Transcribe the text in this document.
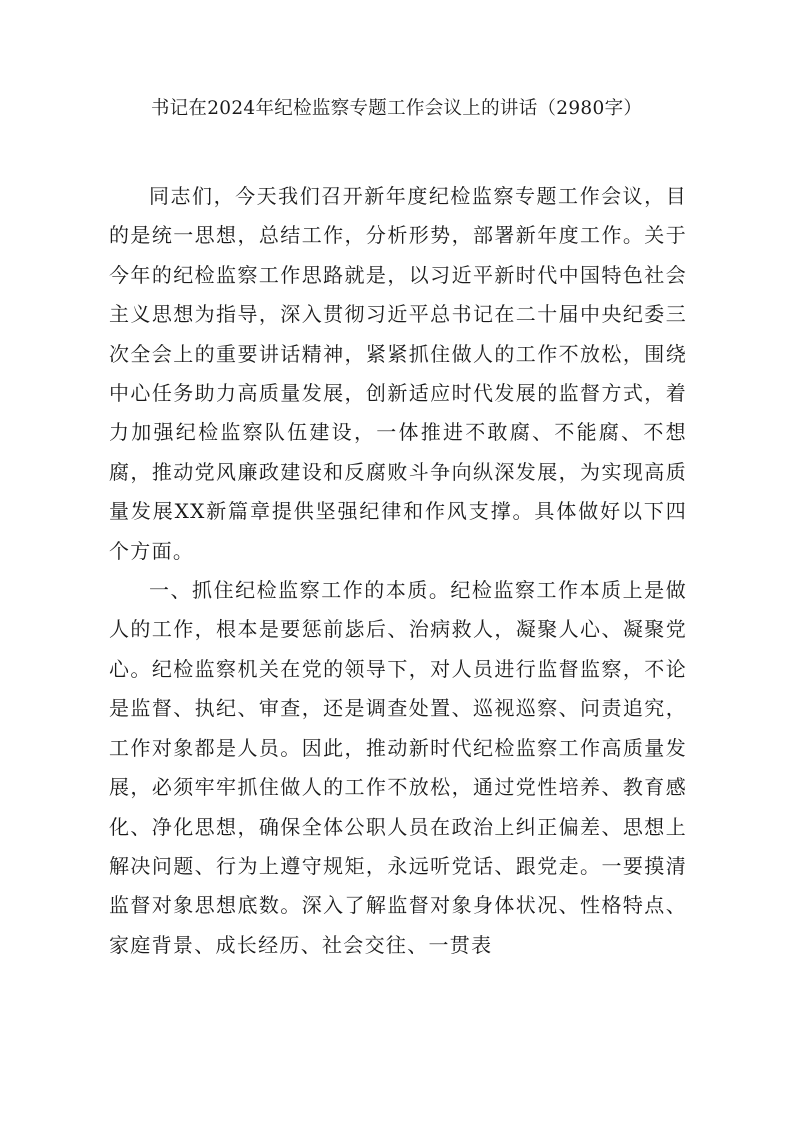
书记在2024年纪检监察专题工作会议上的讲话（2980字）

同志们，今天我们召开新年度纪检监察专题工作会议，目的是统一思想，总结工作，分析形势，部署新年度工作。关于今年的纪检监察工作思路就是，以习近平新时代中国特色社会主义思想为指导，深入贯彻习近平总书记在二十届中央纪委三次全会上的重要讲话精神，紧紧抓住做人的工作不放松，围绕中心任务助力高质量发展，创新适应时代发展的监督方式，着力加强纪检监察队伍建设，一体推进不敢腐、不能腐、不想腐，推动党风廉政建设和反腐败斗争向纵深发展，为实现高质量发展XX新篇章提供坚强纪律和作风支撑。具体做好以下四个方面。

一、抓住纪检监察工作的本质。纪检监察工作本质上是做人的工作，根本是要惩前毖后、治病救人，凝聚人心、凝聚党心。纪检监察机关在党的领导下，对人员进行监督监察，不论是监督、执纪、审查，还是调查处置、巡视巡察、问责追究，工作对象都是人员。因此，推动新时代纪检监察工作高质量发展，必须牢牢抓住做人的工作不放松，通过党性培养、教育感化、净化思想，确保全体公职人员在政治上纠正偏差、思想上解决问题、行为上遵守规矩，永远听党话、跟党走。一要摸清监督对象思想底数。深入了解监督对象身体状况、性格特点、家庭背景、成长经历、社会交往、一贯表
